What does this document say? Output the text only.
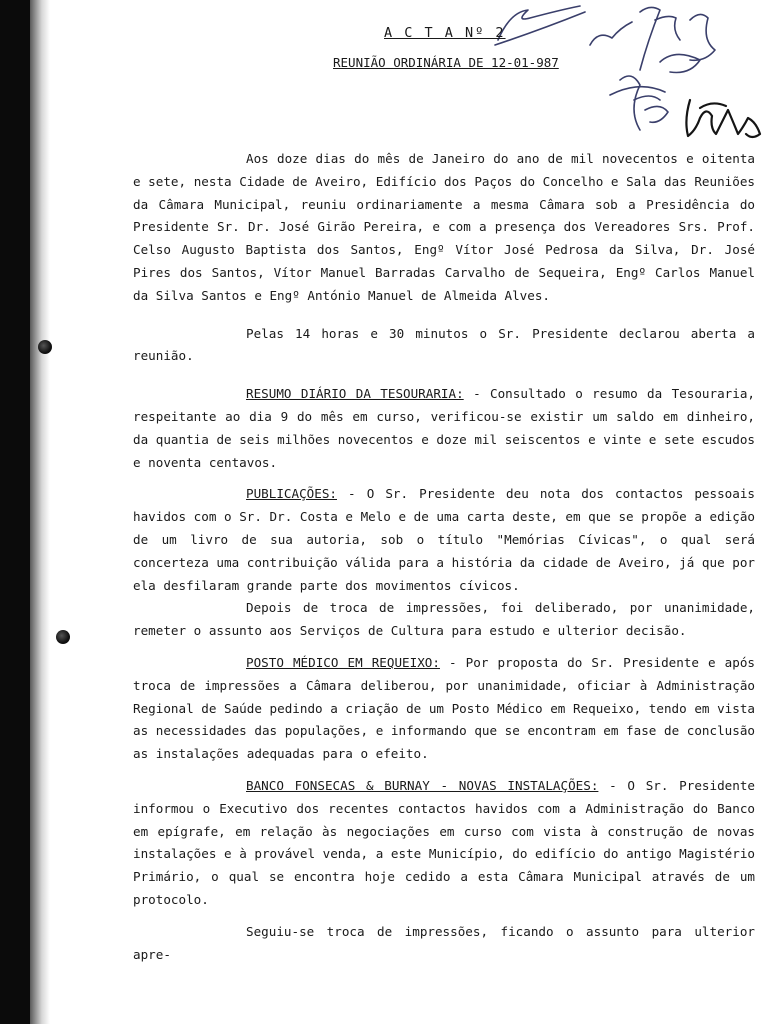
A C T A Nº 2
REUNIÃO ORDINÁRIA DE 12-01-987

Aos doze dias do mês de Janeiro do ano de mil novecentos e oitenta e sete, nesta Cidade de Aveiro, Edifício dos Paços do Concelho e Sala das Reuniões da Câmara Municipal, reuniu ordinariamente a mesma Câmara sob a Presidência do Presidente Sr. Dr. José Girão Pereira, e com a presença dos Vereadores Srs. Prof. Celso Augusto Baptista dos Santos, Engº Vítor José Pedrosa da Silva, Dr. José Pires dos Santos, Vítor Manuel Barradas Carvalho de Sequeira, Engº Carlos Manuel da Silva Santos e Engº António Manuel de Almeida Alves.

Pelas 14 horas e 30 minutos o Sr. Presidente declarou aberta a reunião.

RESUMO DIÁRIO DA TESOURARIA: - Consultado o resumo da Tesouraria, respeitante ao dia 9 do mês em curso, verificou-se existir um saldo em dinheiro, da quantia de seis milhões novecentos e doze mil seiscentos e vinte e sete escudos e noventa centavos.

PUBLICAÇÕES: - O Sr. Presidente deu nota dos contactos pessoais havidos com o Sr. Dr. Costa e Melo e de uma carta deste, em que se propõe a edição de um livro de sua autoria, sob o título "Memórias Cívicas", o qual será concerteza uma contribuição válida para a história da cidade de Aveiro, já que por ela desfilaram grande parte dos movimentos cívicos.

Depois de troca de impressões, foi deliberado, por unanimidade, remeter o assunto aos Serviços de Cultura para estudo e ulterior decisão.

POSTO MÉDICO EM REQUEIXO: - Por proposta do Sr. Presidente e após troca de impressões a Câmara deliberou, por unanimidade, oficiar à Administração Regional de Saúde pedindo a criação de um Posto Médico em Requeixo, tendo em vista as necessidades das populações, e informando que se encontram em fase de conclusão as instalações adequadas para o efeito.

BANCO FONSECAS & BURNAY - NOVAS INSTALAÇÕES: - O Sr. Presidente informou o Executivo dos recentes contactos havidos com a Administração do Banco em epígrafe, em relação às negociações em curso com vista à construção de novas instalações e à provável venda, a este Município, do edifício do antigo Magistério Primário, o qual se encontra hoje cedido a esta Câmara Municipal através de um protocolo.

Seguiu-se troca de impressões, ficando o assunto para ulterior apre-
